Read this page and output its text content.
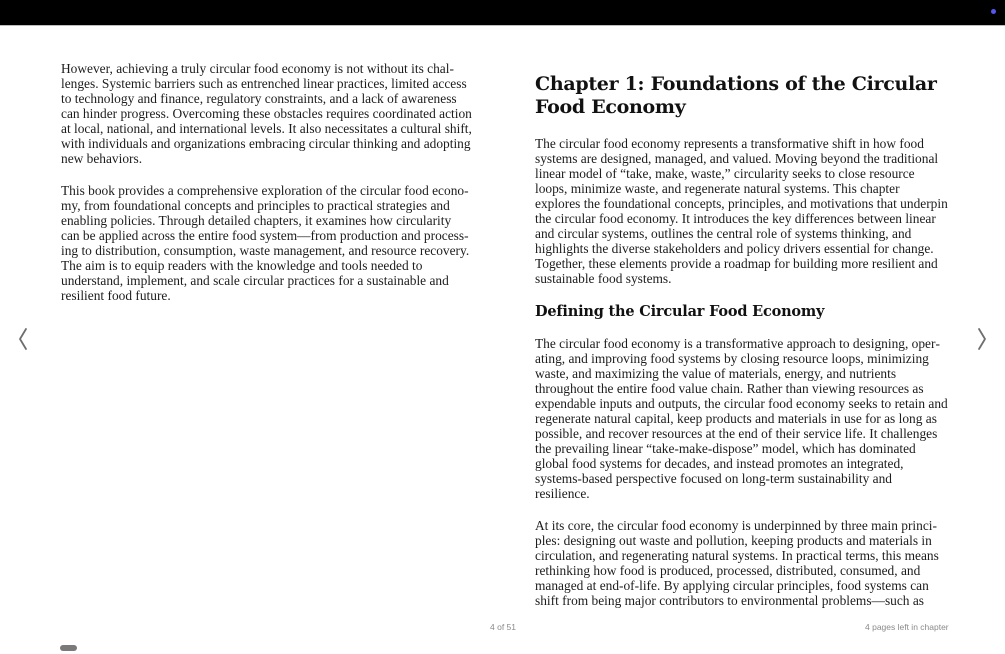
However, achieving a truly circular food economy is not without its challenges. Systemic barriers such as entrenched linear practices, limited access to technology and finance, regulatory constraints, and a lack of awareness can hinder progress. Overcoming these obstacles requires coordinated action at local, national, and international levels. It also necessitates a cultural shift, with individuals and organizations embracing circular thinking and adopting new behaviors.

This book provides a comprehensive exploration of the circular food economy, from foundational concepts and principles to practical strategies and enabling policies. Through detailed chapters, it examines how circularity can be applied across the entire food system—from production and processing to distribution, consumption, waste management, and resource recovery. The aim is to equip readers with the knowledge and tools needed to understand, implement, and scale circular practices for a sustainable and resilient food future.

Chapter 1: Foundations of the Circular Food Economy

The circular food economy represents a transformative shift in how food systems are designed, managed, and valued. Moving beyond the traditional linear model of “take, make, waste,” circularity seeks to close resource loops, minimize waste, and regenerate natural systems. This chapter explores the foundational concepts, principles, and motivations that underpin the circular food economy. It introduces the key differences between linear and circular systems, outlines the central role of systems thinking, and highlights the diverse stakeholders and policy drivers essential for change. Together, these elements provide a roadmap for building more resilient and sustainable food systems.

Defining the Circular Food Economy

The circular food economy is a transformative approach to designing, operating, and improving food systems by closing resource loops, minimizing waste, and maximizing the value of materials, energy, and nutrients throughout the entire food value chain. Rather than viewing resources as expendable inputs and outputs, the circular food economy seeks to retain and regenerate natural capital, keep products and materials in use for as long as possible, and recover resources at the end of their service life. It challenges the prevailing linear “take-make-dispose” model, which has dominated global food systems for decades, and instead promotes an integrated, systems-based perspective focused on long-term sustainability and resilience.

At its core, the circular food economy is underpinned by three main principles: designing out waste and pollution, keeping products and materials in circulation, and regenerating natural systems. In practical terms, this means rethinking how food is produced, processed, distributed, consumed, and managed at end-of-life. By applying circular principles, food systems can shift from being major contributors to environmental problems—such as

4 of 51	4 pages left in chapter
